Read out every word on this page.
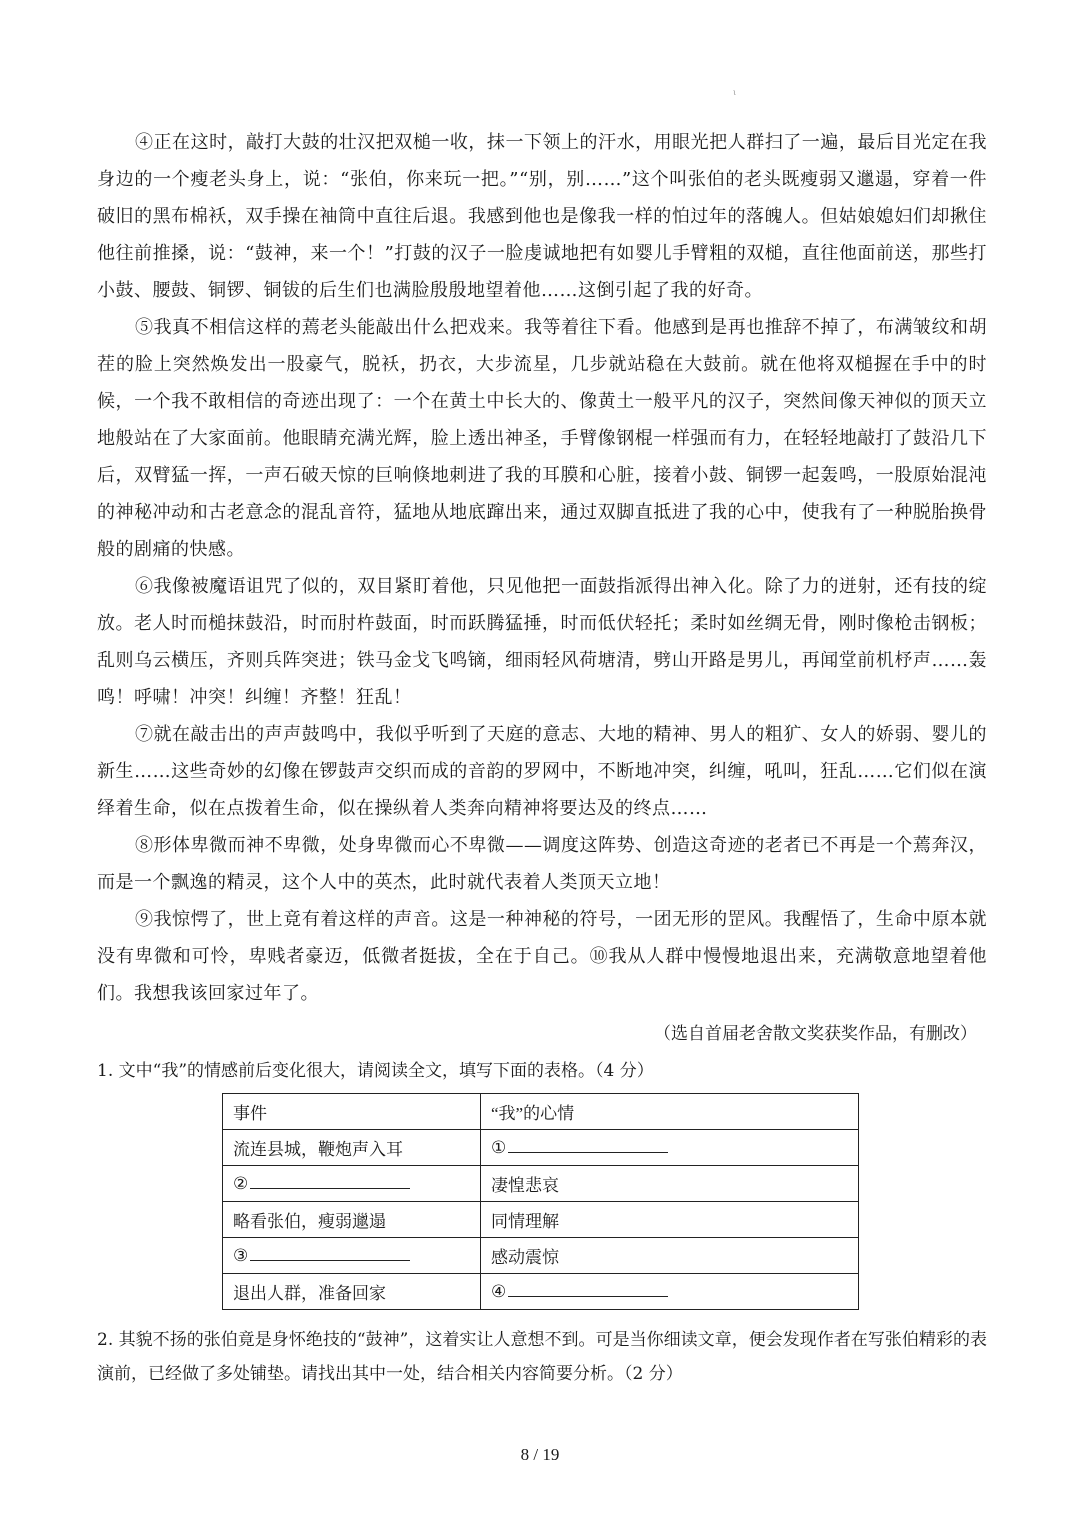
ι

④正在这时，敲打大鼓的壮汉把双槌一收，抹一下领上的汗水，用眼光把人群扫了一遍，最后目光定在我身边的一个瘦老头身上，说：“张伯，你来玩一把。”“别，别……”这个叫张伯的老头既瘦弱又邋遢，穿着一件破旧的黑布棉袄，双手操在袖筒中直往后退。我感到他也是像我一样的怕过年的落魄人。但姑娘媳妇们却揪住他往前推搡，说：“鼓神，来一个！”打鼓的汉子一脸虔诚地把有如婴儿手臂粗的双槌，直往他面前送，那些打小鼓、腰鼓、铜锣、铜钹的后生们也满脸殷殷地望着他……这倒引起了我的好奇。

⑤我真不相信这样的蔫老头能敲出什么把戏来。我等着往下看。他感到是再也推辞不掉了，布满皱纹和胡茬的脸上突然焕发出一股豪气，脱袄，扔衣，大步流星，几步就站稳在大鼓前。就在他将双槌握在手中的时候，一个我不敢相信的奇迹出现了：一个在黄土中长大的、像黄土一般平凡的汉子，突然间像天神似的顶天立地般站在了大家面前。他眼睛充满光辉，脸上透出神圣，手臂像钢棍一样强而有力，在轻轻地敲打了鼓沿几下后，双臂猛一挥，一声石破天惊的巨响倏地刺进了我的耳膜和心脏，接着小鼓、铜锣一起轰鸣，一股原始混沌的神秘冲动和古老意念的混乱音符，猛地从地底蹿出来，通过双脚直抵进了我的心中，使我有了一种脱胎换骨般的剧痛的快感。

⑥我像被魔语诅咒了似的，双目紧盯着他，只见他把一面鼓指派得出神入化。除了力的迸射，还有技的绽放。老人时而槌抹鼓沿，时而肘杵鼓面，时而跃腾猛捶，时而低伏轻托；柔时如丝绸无骨，刚时像枪击钢板；乱则乌云横压，齐则兵阵突进；铁马金戈飞鸣镝，细雨轻风荷塘清，劈山开路是男儿，再闻堂前机杼声……轰鸣！呼啸！冲突！纠缠！齐整！狂乱！

⑦就在敲击出的声声鼓鸣中，我似乎听到了天庭的意志、大地的精神、男人的粗犷、女人的娇弱、婴儿的新生……这些奇妙的幻像在锣鼓声交织而成的音韵的罗网中，不断地冲突，纠缠，吼叫，狂乱……它们似在演绎着生命，似在点拨着生命，似在操纵着人类奔向精神将要达及的终点……

⑧形体卑微而神不卑微，处身卑微而心不卑微——调度这阵势、创造这奇迹的老者已不再是一个蔫奔汉，而是一个飘逸的精灵，这个人中的英杰，此时就代表着人类顶天立地！

⑨我惊愕了，世上竟有着这样的声音。这是一种神秘的符号，一团无形的罡风。我醒悟了，生命中原本就没有卑微和可怜，卑贱者豪迈，低微者挺拔，全在于自己。⑩我从人群中慢慢地退出来，充满敬意地望着他们。我想我该回家过年了。

（选自首届老舍散文奖获奖作品，有删改）
1. 文中“我”的情感前后变化很大，请阅读全文，填写下面的表格。（4 分）
事件	“我”的心情
流连县城，鞭炮声入耳	①
②	凄惶悲哀
略看张伯，瘦弱邋遢	同情理解
③	感动震惊
退出人群，准备回家	④
2. 其貌不扬的张伯竟是身怀绝技的“鼓神”，这着实让人意想不到。可是当你细读文章，便会发现作者在写张伯精彩的表演前，已经做了多处铺垫。请找出其中一处，结合相关内容简要分析。（2 分）
8 / 19
